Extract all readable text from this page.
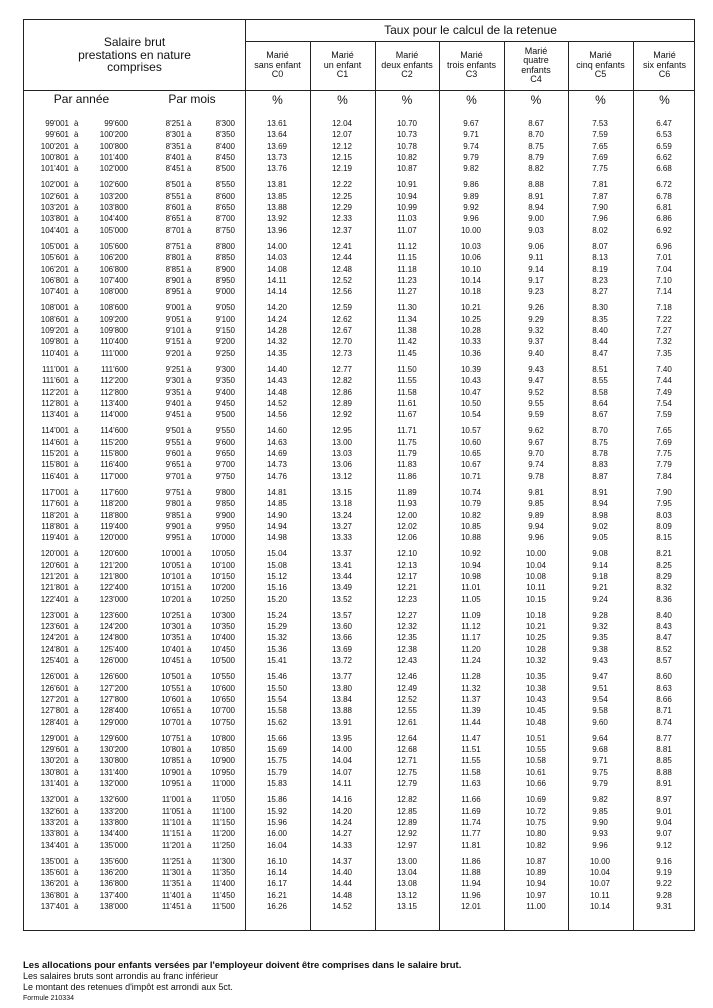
Salaire brut
prestations en nature
comprises
Taux pour le calcul de la retenue
Marié
sans enfant
C0
Marié
un enfant
C1
Marié
deux enfants
C2
Marié
trois enfants
C3
Marié
quatre
enfants
C4
Marié
cinq enfants
C5
Marié
six enfants
C6
Par année	Par mois	%	%	%	%	%	%	%
99'001 à	99'600	8'251 à	8'300	13.61	12.04	10.70	9.67	8.67	7.53	6.47
99'601 à	100'200	8'301 à	8'350	13.64	12.07	10.73	9.71	8.70	7.59	6.53
100'201 à	100'800	8'351 à	8'400	13.69	12.12	10.78	9.74	8.75	7.65	6.59
100'801 à	101'400	8'401 à	8'450	13.73	12.15	10.82	9.79	8.79	7.69	6.62
101'401 à	102'000	8'451 à	8'500	13.76	12.19	10.87	9.82	8.82	7.75	6.68
102'001 à	102'600	8'501 à	8'550	13.81	12.22	10.91	9.86	8.88	7.81	6.72
102'601 à	103'200	8'551 à	8'600	13.85	12.25	10.94	9.89	8.91	7.87	6.78
103'201 à	103'800	8'601 à	8'650	13.88	12.29	10.99	9.92	8.94	7.90	6.81
103'801 à	104'400	8'651 à	8'700	13.92	12.33	11.03	9.96	9.00	7.96	6.86
104'401 à	105'000	8'701 à	8'750	13.96	12.37	11.07	10.00	9.03	8.02	6.92
105'001 à	105'600	8'751 à	8'800	14.00	12.41	11.12	10.03	9.06	8.07	6.96
105'601 à	106'200	8'801 à	8'850	14.03	12.44	11.15	10.06	9.11	8.13	7.01
106'201 à	106'800	8'851 à	8'900	14.08	12.48	11.18	10.10	9.14	8.19	7.04
106'801 à	107'400	8'901 à	8'950	14.11	12.52	11.23	10.14	9.17	8.23	7.10
107'401 à	108'000	8'951 à	9'000	14.14	12.56	11.27	10.18	9.23	8.27	7.14
108'001 à	108'600	9'001 à	9'050	14.20	12.59	11.30	10.21	9.26	8.30	7.18
108'601 à	109'200	9'051 à	9'100	14.24	12.62	11.34	10.25	9.29	8.35	7.22
109'201 à	109'800	9'101 à	9'150	14.28	12.67	11.38	10.28	9.32	8.40	7.27
109'801 à	110'400	9'151 à	9'200	14.32	12.70	11.42	10.33	9.37	8.44	7.32
110'401 à	111'000	9'201 à	9'250	14.35	12.73	11.45	10.36	9.40	8.47	7.35
111'001 à	111'600	9'251 à	9'300	14.40	12.77	11.50	10.39	9.43	8.51	7.40
111'601 à	112'200	9'301 à	9'350	14.43	12.82	11.55	10.43	9.47	8.55	7.44
112'201 à	112'800	9'351 à	9'400	14.48	12.86	11.58	10.47	9.52	8.58	7.49
112'801 à	113'400	9'401 à	9'450	14.52	12.89	11.61	10.50	9.55	8.64	7.54
113'401 à	114'000	9'451 à	9'500	14.56	12.92	11.67	10.54	9.59	8.67	7.59
114'001 à	114'600	9'501 à	9'550	14.60	12.95	11.71	10.57	9.62	8.70	7.65
114'601 à	115'200	9'551 à	9'600	14.63	13.00	11.75	10.60	9.67	8.75	7.69
115'201 à	115'800	9'601 à	9'650	14.69	13.03	11.79	10.65	9.70	8.78	7.75
115'801 à	116'400	9'651 à	9'700	14.73	13.06	11.83	10.67	9.74	8.83	7.79
116'401 à	117'000	9'701 à	9'750	14.76	13.12	11.86	10.71	9.78	8.87	7.84
117'001 à	117'600	9'751 à	9'800	14.81	13.15	11.89	10.74	9.81	8.91	7.90
117'601 à	118'200	9'801 à	9'850	14.85	13.18	11.93	10.79	9.85	8.94	7.95
118'201 à	118'800	9'851 à	9'900	14.90	13.24	12.00	10.82	9.89	8.98	8.03
118'801 à	119'400	9'901 à	9'950	14.94	13.27	12.02	10.85	9.94	9.02	8.09
119'401 à	120'000	9'951 à 10'000	14.98	13.33	12.06	10.88	9.96	9.05	8.15
120'001 à	120'600	10'001 à 10'050	15.04	13.37	12.10	10.92	10.00	9.08	8.21
120'601 à	121'200	10'051 à 10'100	15.08	13.41	12.13	10.94	10.04	9.14	8.25
121'201 à	121'800	10'101 à 10'150	15.12	13.44	12.17	10.98	10.08	9.18	8.29
121'801 à	122'400	10'151 à 10'200	15.16	13.49	12.21	11.01	10.11	9.21	8.32
122'401 à	123'000	10'201 à 10'250	15.20	13.52	12.23	11.05	10.15	9.24	8.36
123'001 à	123'600	10'251 à 10'300	15.24	13.57	12.27	11.09	10.18	9.28	8.40
123'601 à	124'200	10'301 à 10'350	15.29	13.60	12.32	11.12	10.21	9.32	8.43
124'201 à	124'800	10'351 à 10'400	15.32	13.66	12.35	11.17	10.25	9.35	8.47
124'801 à	125'400	10'401 à 10'450	15.36	13.69	12.38	11.20	10.28	9.38	8.52
125'401 à	126'000	10'451 à 10'500	15.41	13.72	12.43	11.24	10.32	9.43	8.57
126'001 à	126'600	10'501 à 10'550	15.46	13.77	12.46	11.28	10.35	9.47	8.60
126'601 à	127'200	10'551 à 10'600	15.50	13.80	12.49	11.32	10.38	9.51	8.63
127'201 à	127'800	10'601 à 10'650	15.54	13.84	12.52	11.37	10.43	9.54	8.66
127'801 à	128'400	10'651 à 10'700	15.58	13.88	12.55	11.39	10.45	9.58	8.71
128'401 à	129'000	10'701 à 10'750	15.62	13.91	12.61	11.44	10.48	9.60	8.74
129'001 à	129'600	10'751 à 10'800	15.66	13.95	12.64	11.47	10.51	9.64	8.77
129'601 à	130'200	10'801 à 10'850	15.69	14.00	12.68	11.51	10.55	9.68	8.81
130'201 à	130'800	10'851 à 10'900	15.75	14.04	12.71	11.55	10.58	9.71	8.85
130'801 à	131'400	10'901 à 10'950	15.79	14.07	12.75	11.58	10.61	9.75	8.88
131'401 à	132'000	10'951 à	11'000	15.83	14.11	12.79	11.63	10.66	9.79	8.91
132'001 à	132'600	11'001 à	11'050	15.86	14.16	12.82	11.66	10.69	9.82	8.97
132'601 à	133'200	11'051 à	11'100	15.92	14.20	12.85	11.69	10.72	9.85	9.01
133'201 à	133'800	11'101 à	11'150	15.96	14.24	12.89	11.74	10.75	9.90	9.04
133'801 à	134'400	11'151 à	11'200	16.00	14.27	12.92	11.77	10.80	9.93	9.07
134'401 à	135'000	11'201 à	11'250	16.04	14.33	12.97	11.81	10.82	9.96	9.12
135'001 à	135'600	11'251 à	11'300	16.10	14.37	13.00	11.86	10.87	10.00	9.16
135'601 à	136'200	11'301 à	11'350	16.14	14.40	13.04	11.88	10.89	10.04	9.19
136'201 à	136'800	11'351 à	11'400	16.17	14.44	13.08	11.94	10.94	10.07	9.22
136'801 à	137'400	11'401 à	11'450	16.21	14.48	13.12	11.96	10.97	10.11	9.28
137'401 à	138'000	11'451 à	11'500	16.26	14.52	13.15	12.01	11.00	10.14	9.31
Les allocations pour enfants versées par l'employeur doivent être comprises dans le salaire brut.
Les salaires bruts sont arrondis au franc inférieur
Le montant des retenues d'impôt est arrondi aux 5ct.
Formule 210334
